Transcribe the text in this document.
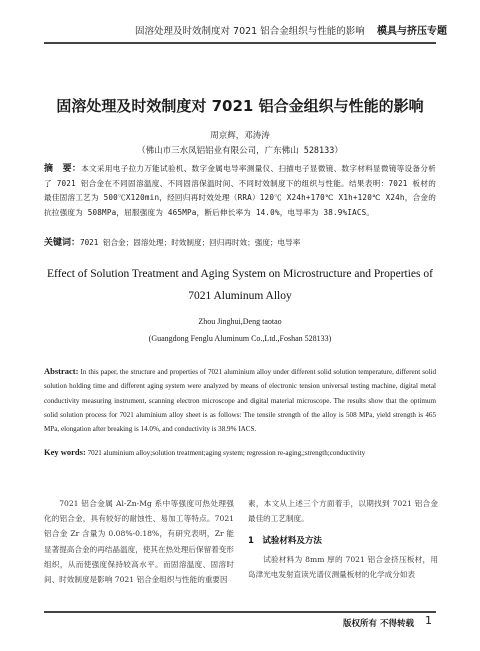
固溶处理及时效制度对 7021 铝合金组织与性能的影响 模具与挤压专题
固溶处理及时效制度对 7021 铝合金组织与性能的影响
周京辉，邓涛涛
（佛山市三水凤铝铝业有限公司，广东佛山 528133）
摘　要：本文采用电子拉力万能试验机、数字金属电导率测量仪、扫描电子显微镜、数字材料显微镜等设备分析了 7021 铝合金在不同固溶温度、不同固溶保温时间、不同时效制度下的组织与性能。结果表明：7021 板材的最佳固溶工艺为 500℃X120min，经回归再时效处理（RRA）120℃ X24h+170℃ X1h+120℃ X24h，合金的抗拉强度为 508MPa，屈服强度为 465MPa，断后伸长率为 14.0%，电导率为 38.9%IACS。
关键词：7021 铝合金；固溶处理；时效制度；回归再时效；强度；电导率
Effect of Solution Treatment and Aging System on Microstructure and Properties of 7021 Aluminum Alloy
Zhou Jinghui,Deng taotao
(Guangdong Fenglu Aluminum Co.,Ltd.,Foshan 528133)
Abstract: In this paper, the structure and properties of 7021 aluminium alloy under different solid solution temperature, different solid solution holding time and different aging system were analyzed by means of electronic tension universal testing machine, digital metal conductivity measuring instrument, scanning electron microscope and digital material microscope. The results show that the optimum solid solution process for 7021 aluminium alloy sheet is as follows: The tensile strength of the alloy is 508 MPa, yield strength is 465 MPa, elongation after breaking is 14.0%, and conductivity is 38.9% IACS.
Key words: 7021 aluminium alloy;solution treatment;aging system; regression re-aging,;strength;conductivity
7021 铝合金属 Al-Zn-Mg 系中等强度可热处理强化的铝合金，具有较好的耐蚀性、易加工等特点。7021 铝合金 Zr 含量为 0.08%-0.18%，有研究表明，Zr 能显著提高合金的再结晶温度，使其在热处理后保留着变形组织，从而使强度保持较高水平。而固溶温度、固溶时间、时效制度是影响 7021 铝合金组织与性能的重要因
素，本文从上述三个方面着手，以期找到 7021 铝合金最佳的工艺制度。
1　试验材料及方法
试验材料为 8mm 厚的 7021 铝合金挤压板材，用岛津光电发射直读光谱仪测量板材的化学成分如表
版权所有 不得转载 1
